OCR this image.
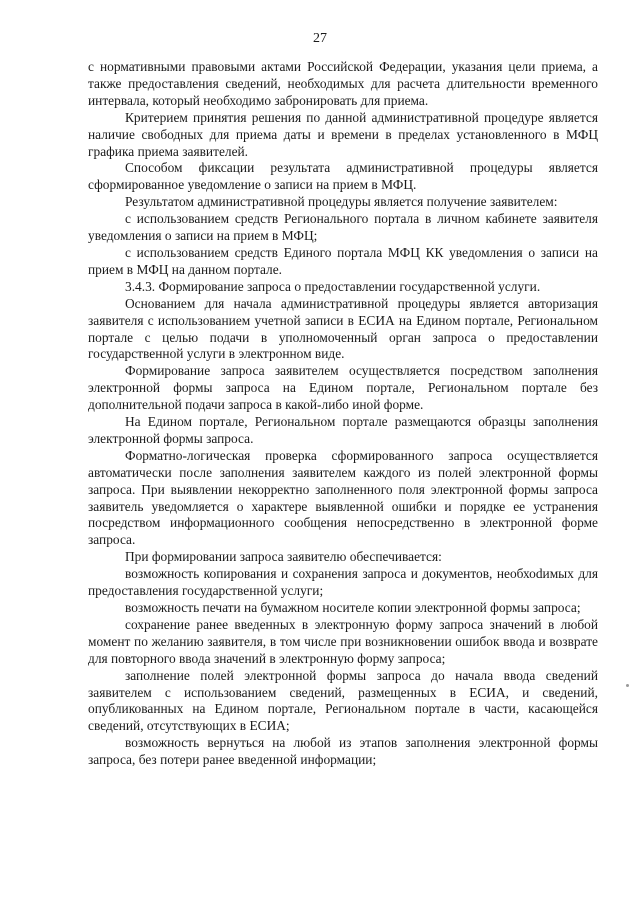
27

с нормативными правовыми актами Российской Федерации, указания цели приема, а также предоставления сведений, необходимых для расчета длительности временного интервала, который необходимо забронировать для приема.

Критерием принятия решения по данной административной процедуре является наличие свободных для приема даты и времени в пределах установленного в МФЦ графика приема заявителей.

Способом фиксации результата административной процедуры является сформированное уведомление о записи на прием в МФЦ.

Результатом административной процедуры является получение заявителем:

с использованием средств Регионального портала в личном кабинете заявителя уведомления о записи на прием в МФЦ;

с использованием средств Единого портала МФЦ КК уведомления о записи на прием в МФЦ на данном портале.

3.4.3. Формирование запроса о предоставлении государственной услуги.

Основанием для начала административной процедуры является авторизация заявителя с использованием учетной записи в ЕСИА на Едином портале, Региональном портале с целью подачи в уполномоченный орган запроса о предоставлении государственной услуги в электронном виде.

Формирование запроса заявителем осуществляется посредством заполнения электронной формы запроса на Едином портале, Региональном портале без дополнительной подачи запроса в какой-либо иной форме.

На Едином портале, Региональном портале размещаются образцы заполнения электронной формы запроса.

Форматно-логическая проверка сформированного запроса осуществляется автоматически после заполнения заявителем каждого из полей электронной формы запроса. При выявлении некорректно заполненного поля электронной формы запроса заявитель уведомляется о характере выявленной ошибки и порядке ее устранения посредством информационного сообщения непосредственно в электронной форме запроса.

При формировании запроса заявителю обеспечивается:

возможность копирования и сохранения запроса и документов, необхоdимых для предоставления государственной услуги;

возможность печати на бумажном носителе копии электронной формы запроса;

сохранение ранее введенных в электронную форму запроса значений в любой момент по желанию заявителя, в том числе при возникновении ошибок ввода и возврате для повторного ввода значений в электронную форму запроса;

заполнение полей электронной формы запроса до начала ввода сведений заявителем с использованием сведений, размещенных в ЕСИА, и сведений, опубликованных на Едином портале, Региональном портале в части, касающейся сведений, отсутствующих в ЕСИА;

возможность вернуться на любой из этапов заполнения электронной формы запроса, без потери ранее введенной информации;
